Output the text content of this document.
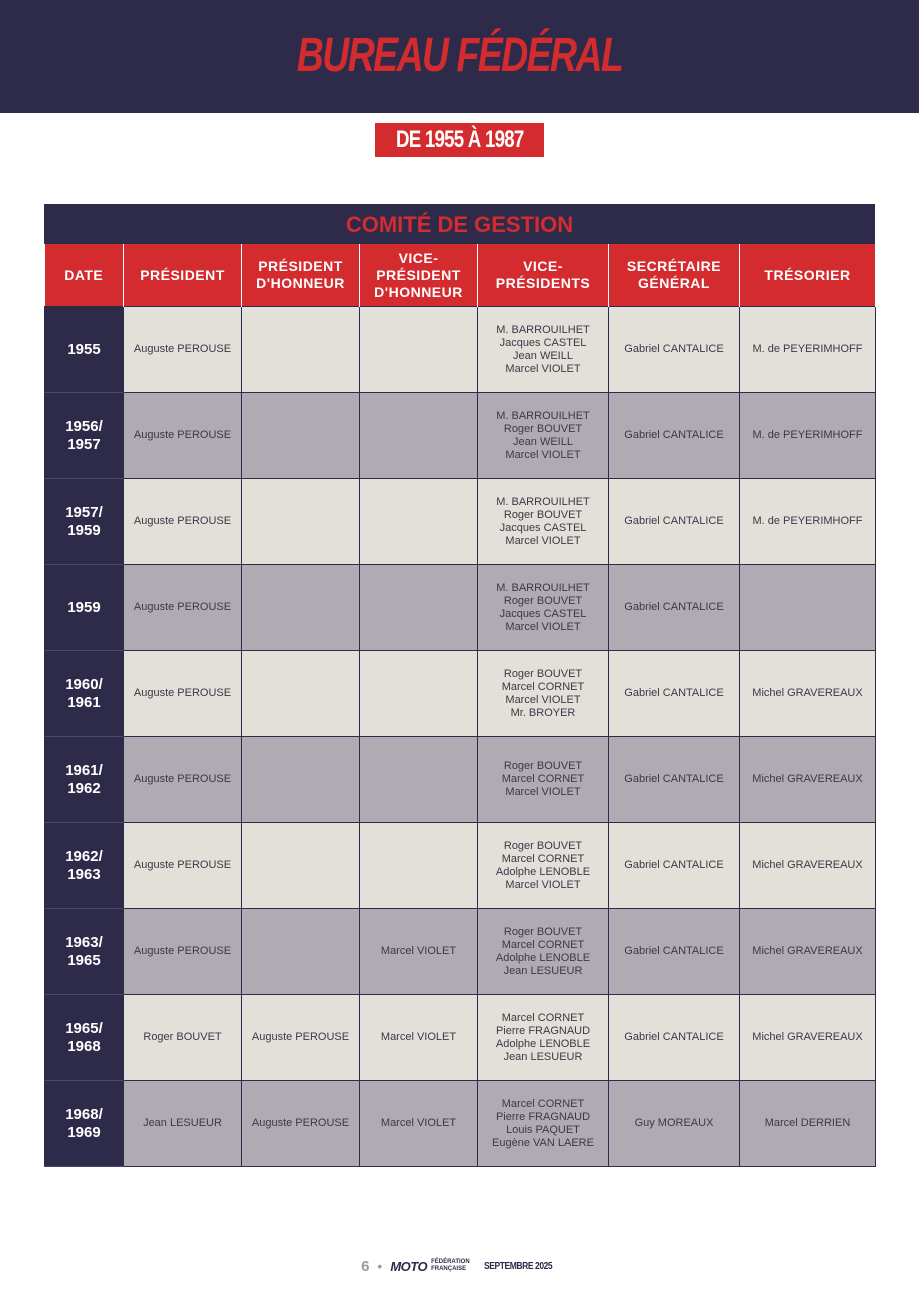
BUREAU FÉDÉRAL
DE 1955 À 1987
COMITÉ DE GESTION
DATE	PRÉSIDENT	PRÉSIDENT D'HONNEUR	VICE-PRÉSIDENT D'HONNEUR	VICE-PRÉSIDENTS	SECRÉTAIRE GÉNÉRAL	TRÉSORIER
1955	Auguste PEROUSE			M. BARROUILHET
Jacques CASTEL
Jean WEILL
Marcel VIOLET	Gabriel CANTALICE	M. de PEYERIMHOFF
1956/ 1957	Auguste PEROUSE			M. BARROUILHET
Roger BOUVET
Jean WEILL
Marcel VIOLET	Gabriel CANTALICE	M. de PEYERIMHOFF
1957/ 1959	Auguste PEROUSE			M. BARROUILHET
Roger BOUVET
Jacques CASTEL
Marcel VIOLET	Gabriel CANTALICE	M. de PEYERIMHOFF
1959	Auguste PEROUSE			M. BARROUILHET
Roger BOUVET
Jacques CASTEL
Marcel VIOLET	Gabriel CANTALICE	
1960/ 1961	Auguste PEROUSE			Roger BOUVET
Marcel CORNET
Marcel VIOLET
Mr. BROYER	Gabriel CANTALICE	Michel GRAVEREAUX
1961/ 1962	Auguste PEROUSE			Roger BOUVET
Marcel CORNET
Marcel VIOLET	Gabriel CANTALICE	Michel GRAVEREAUX
1962/ 1963	Auguste PEROUSE			Roger BOUVET
Marcel CORNET
Adolphe LENOBLE
Marcel VIOLET	Gabriel CANTALICE	Michel GRAVEREAUX
1963/ 1965	Auguste PEROUSE		Marcel VIOLET	Roger BOUVET
Marcel CORNET
Adolphe LENOBLE
Jean LESUEUR	Gabriel CANTALICE	Michel GRAVEREAUX
1965/ 1968	Roger BOUVET	Auguste PEROUSE	Marcel VIOLET	Marcel CORNET
Pierre FRAGNAUD
Adolphe LENOBLE
Jean LESUEUR	Gabriel CANTALICE	Michel GRAVEREAUX
1968/ 1969	Jean LESUEUR	Auguste PEROUSE	Marcel VIOLET	Marcel CORNET
Pierre FRAGNAUD
Louis PAQUET
Eugène VAN LAERE	Guy MOREAUX	Marcel DERRIEN
6 • MOTO FÉDÉRATION
FRANÇAISE	SEPTEMBRE 2025
